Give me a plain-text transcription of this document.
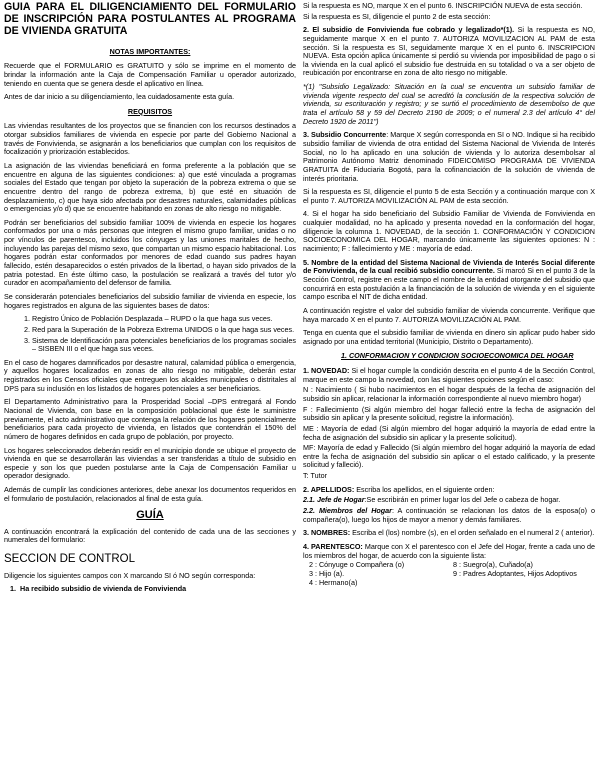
GUIA PARA EL DILIGENCIAMIENTO DEL FORMULARIO DE INSCRIPCIÓN PARA POSTULANTES AL PROGRAMA DE VIVIENDA GRATUITA
NOTAS IMPORTANTES:

Recuerde que el FORMULARIO es GRATUITO y sólo se imprime en el momento de brindar la información ante la Caja de Compensación Familiar u operador autorizado, teniendo en cuenta que se genera desde el aplicativo en línea.

Antes de dar inicio a su diligenciamiento, lea cuidadosamente esta guía.

REQUISITOS

Las viviendas resultantes de los proyectos que se financien con los recursos destinados a otorgar subsidios familiares de vivienda en especie por parte del Gobierno Nacional a través de Fonvivienda, se asignarán a los beneficiarios que cumplan con los requisitos de focalización y priorización establecidos.

La asignación de las viviendas beneficiará en forma preferente a la población que se encuentre en alguna de las siguientes condiciones: a) que esté vinculada a programas sociales del Estado que tengan por objeto la superación de la pobreza extrema o que se encuentre dentro del rango de pobreza extrema, b) que esté en situación de desplazamiento, c) que haya sido afectada por desastres naturales, calamidades públicas o emergencias y/o d) que se encuentre habitando en zonas de alto riesgo no mitigable.

Podrán ser beneficiarios del subsidio familiar 100% de vivienda en especie los hogares conformados por una o más personas que integren el mismo grupo familiar, unidas o no por vínculos de parentesco, incluidos los cónyuges y las uniones maritales de hecho, incluyendo las parejas del mismo sexo, que compartan un mismo espacio habitacional. Los hogares podrán estar conformados por menores de edad cuando sus padres hayan fallecido, estén desaparecidos o estén privados de la libertad, o hayan sido privados de la patria potestad. En éste último caso, la postulación se realizará a través del tutor y/o curador en acompañamiento del defensor de familia.

Se considerarán potenciales beneficiarios del subsidio familiar de vivienda en especie, los hogares registrados en alguna de las siguientes bases de datos:

1. Registro Único de Población Desplazada – RUPD o la que haga sus veces.
2. Red para la Superación de la Pobreza Extrema UNIDOS o la que haga sus veces.
3. Sistema de Identificación para potenciales beneficiarios de los programas sociales – SISBEN III o el que haga sus veces.

En el caso de hogares damnificados por desastre natural, calamidad pública o emergencia, y aquellos hogares localizados en zonas de alto riesgo no mitigable, deberán estar registrados en los Censos oficiales que entreguen los alcaldes municipales o distritales al DPS para su inclusión en los listados de hogares potenciales a ser beneficiarios.

El Departamento Administrativo para la Prosperidad Social –DPS entregará al Fondo Nacional de Vivienda, con base en la composición poblacional que éste le suministre previamente, el acto administrativo que contenga la relación de los hogares potencialmente beneficiarios para cada proyecto de vivienda, en listados que contendrán el 150% del número de hogares definidos en cada grupo de población, por proyecto.

Los hogares seleccionados deberán residir en el municipio donde se ubique el proyecto de vivienda en que se desarrollarán las viviendas a ser transferidas a título de subsidio en especie y son los que pueden postularse ante la Caja de Compensación Familiar u operador designado.

Además de cumplir las condiciones anteriores, debe anexar los documentos requeridos en el formulario de postulación, relacionados al final de esta guía.

GUÍA

A continuación encontrará la explicación del contenido de cada una de las secciones y numerales del formulario:

SECCION DE CONTROL

Diligencie los siguientes campos con X marcando SI ó NO según corresponda:

1.  Ha recibido subsidio de vivienda de Fonvivienda

Si la respuesta es NO, marque X en el punto 6. INSCRIPCIÓN NUEVA de esta sección.

Si la respuesta es SI, diligencie el punto 2 de esta sección:

2. El subsidio de Fonvivienda fue cobrado y legalizado*(1). Si la respuesta es NO, seguidamente marque X en el punto 7. AUTORIZA MOVILIZACION AL PAM de esta sección. Si la respuesta es SI, seguidamente marque X en el punto 6. INSCRIPCION NUEVA. Esta opción aplica únicamente si perdió su vivienda por imposibilidad de pago o si la vivienda en la cual aplicó el subsidio fue destruida en su totalidad o va a ser objeto de reubicación por encontrarse en zona de alto riesgo no mitigable.

*(1) "Subsidio Legalizado: Situación en la cual se encuentra un subsidio familiar de vivienda vigente respecto del cual se acreditó la conclusión de la respectiva solución de vivienda, su escrituración y registro; y se surtió el procedimiento de desembolso de que trata el artículo 58 y 59 del Decreto 2190 de 2009; o el numeral 2.3 del artículo 4° del Decreto 1920 de 2011")

3. Subsidio Concurrente: Marque X según corresponda en SI o NO. Indique si ha recibido subsidio familiar de vivienda de otra entidad del Sistema Nacional de Vivienda de Interés Social, no lo ha aplicado en una solución de vivienda y lo autoriza desembolsar al Patrimonio Autónomo Matriz denominado FIDEICOMISO PROGRAMA DE VIVIENDA GRATUITA de Fiduciaria Bogotá, para la cofinanciación de la solución de vivienda de interés prioritaria.

Si la respuesta es SI, diligencie el punto 5 de esta Sección y a continuación marque con X el punto 7. AUTORIZA MOVILIZACIÓN AL PAM de esta sección.

4. Si el hogar ha sido beneficiario del Subsidio Familiar de Vivienda de Fonvivienda en cualquier modalidad, no ha aplicado y presenta novedad en la conformación del hogar, diligencie la columna 1. NOVEDAD, de la sección 1. CONFORMACIÓN Y CONDICION SOCIOECONOMICA DEL HOGAR, marcando únicamente las siguientes opciones: N : nacimiento; F : fallecimiento y ME : mayoría de edad.

5. Nombre de la entidad del Sistema Nacional de Vivienda de Interés Social diferente de Fonvivienda, de la cual recibió subsidio concurrente. Si marcó Si en el punto 3 de la Sección Control, registre en este campo el nombre de la entidad otorgante del subsidio que concurrirá en esta postulación a la financiación de la solución de vivienda y en el siguiente campo escriba el NIT de dicha entidad.

A continuación registre el valor del subsidio familiar de vivienda concurrente. Verifique que haya marcado X en el punto 7. AUTORIZA MOVILIZACIÓN AL PAM.

Tenga en cuenta que el subsidio familiar de vivienda en dinero sin aplicar pudo haber sido asignado por una entidad territorial (Municipio, Distrito o Departamento).

1. CONFORMACION Y CONDICION SOCIOECONOMICA DEL HOGAR

1. NOVEDAD: Si el hogar cumple la condición descrita en el punto 4 de la Sección Control, marque en este campo la novedad, con las siguientes opciones según el caso:

N : Nacimiento ( Si hubo nacimientos en el hogar después de la fecha de asignación del subsidio sin aplicar, relacionar la información correspondiente al nuevo miembro hogar)

F : Fallecimiento (Si algún miembro del hogar falleció entre la fecha de asignación del subsidio sin aplicar y la presente solicitud, registre la información).

ME : Mayoría de edad (Si algún miembro del hogar adquirió la mayoría de edad entre la fecha de asignación del subsidio sin aplicar y la presente solicitud).

MF: Mayoría de edad y Fallecido (Si algún miembro del hogar adquirió la mayoría de edad entre la fecha de asignación del subsidio sin aplicar o el estado calificado, y la presente solicitud y falleció).

T: Tutor

2. APELLIDOS: Escriba los apellidos, en el siguiente orden:

2.1. Jefe de Hogar:Se escribirán en primer lugar los del Jefe o cabeza de hogar.

2.2. Miembros del Hogar: A continuación se relacionan los datos de la esposa(o) o compañera(o), luego los hijos de mayor a menor y demás familiares.

3. NOMBRES: Escriba el (los) nombre (s), en el orden señalado en el numeral 2 ( anterior).

4. PARENTESCO: Marque con X el parentesco con el Jefe del Hogar, frente a cada uno de los miembros del hogar, de acuerdo con la siguiente lista:

2 : Cónyuge o Compañera (o)	8 : Suegro(a), Cuñado(a)
3 : Hijo (a).	9 : Padres Adoptantes, Hijos Adoptivos
4 : Hermano(a)
